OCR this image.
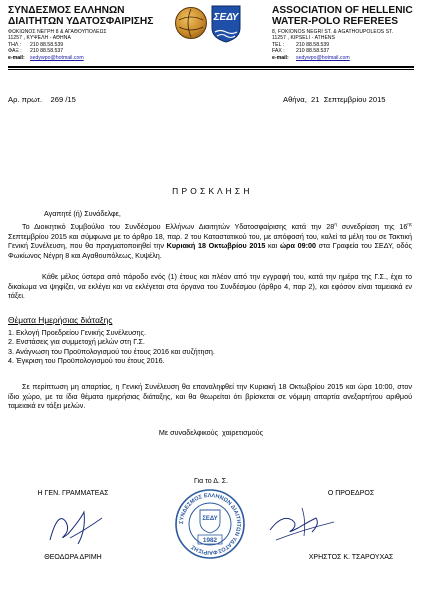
ΣΥΝΔΕΣΜΟΣ ΕΛΛΗΝΩΝ
ΔΙΑΙΤΗΤΩΝ ΥΔΑΤΟΣΦΑΙΡΙΣΗΣ
ΦΩΚΙΩΝΟΣ ΝΕΓΡΗ 8 & ΑΓΑΘΟΥΠΟΛΕΩΣ
11257 , ΚΥΨΕΛΗ - ΑΘΗΝΑ
ΤΗΛ : 210 88.58.539
ΦΑΞ : 210 88.58.537
e-mail: sedywpo@hotmail.com
ΣΕΔΥ
ASSOCIATION OF HELLENIC
WATER-POLO REFEREES
8, FOKIONOS NEGRI ST. & AGATHOUPOLEOS ST.
11257 , KIPSELI - ATHENS
TEL : 210 88.58.539
FAX : 210 88.58.537
e-mail: sedywpo@hotmail.com
Αρ. πρωτ.    269 /15	Αθήνα,  21  Σεπτεμβρίου 2015
Π Ρ Ο Σ Κ Λ Η Σ Η
Αγαπητέ (ή) Συνάδελφε,
Το Διοικητικό Συμβούλιο του Συνδέσμου Ελλήνων Διαιτητών Υδατοσφαίρισης κατά την $28^\eta$ συνεδρίαση της $16^{\eta\varsigma}$ Σεπτεμβρίου 2015 και σύμφωνα με το άρθρο 18, παρ. 2 του Καταστατικού του, με απόφασή του, καλεί τα μέλη του σε Τακτική Γενική Συνέλευση, που θα πραγματοποιηθεί την Κυριακή 18 Οκτωβρίου 2015 και ώρα 09:00 στα Γραφεία του ΣΕΔΥ, οδός Φωκίωνος Νέγρη 8 και Αγαθουπόλεως, Κυψέλη.
Κάθε μέλος ύστερα από πάροδο ενός (1) έτους και πλέον από την εγγραφή του, κατά την ημέρα της Γ.Σ., έχει το δικαίωμα να ψηφίζει, να εκλέγει και να εκλέγεται στα όργανα του Συνδέσμου (άρθρο 4, παρ 2), και εφόσον είναι ταμειακά εν τάξει.
Θέματα Ημερήσιας διάταξης
1. Εκλογή Προεδρείου Γενικής Συνέλευσης.
2. Ενστάσεις για συμμετοχή μελών στη Γ.Σ.
3. Ανάγνωση του Προϋπολογισμού του έτους 2016 και συζήτηση.
4. Έγκριση του Προϋπολογισμού του έτους 2016.
Σε περίπτωση μη απαρτίας, η Γενική Συνέλευση θα επαναληφθεί την Κυριακή 18 Οκτωβρίου 2015 και ώρα 10:00, στον ίδιο χώρο, με τα ίδια θέματα ημερήσιας διάταξης, και θα θεωρείται ότι βρίσκεται σε νόμιμη απαρτία ανεξαρτήτου αριθμού ταμειακά εν τάξει μελών.
Με συναδελφικούς  χαιρετισμούς
Για το Δ. Σ.
Η ΓΕΝ. ΓΡΑΜΜΑΤΕΑΣ	Ο ΠΡΟΕΔΡΟΣ
ΣΥΝΔΕΣΜΟΣ ΕΛΛΗΝΩΝ ΔΙΑΙΤΗΤΩΝ ΥΔΑΤΟΣΦΑΙΡΙΣΗΣ
ΣΕΔΥ
1982
ΘΕΟΔΩΡΑ ΔΡΙΜΗ	ΧΡΗΣΤΟΣ Κ. ΤΣΑΡΟΥΧΑΣ
